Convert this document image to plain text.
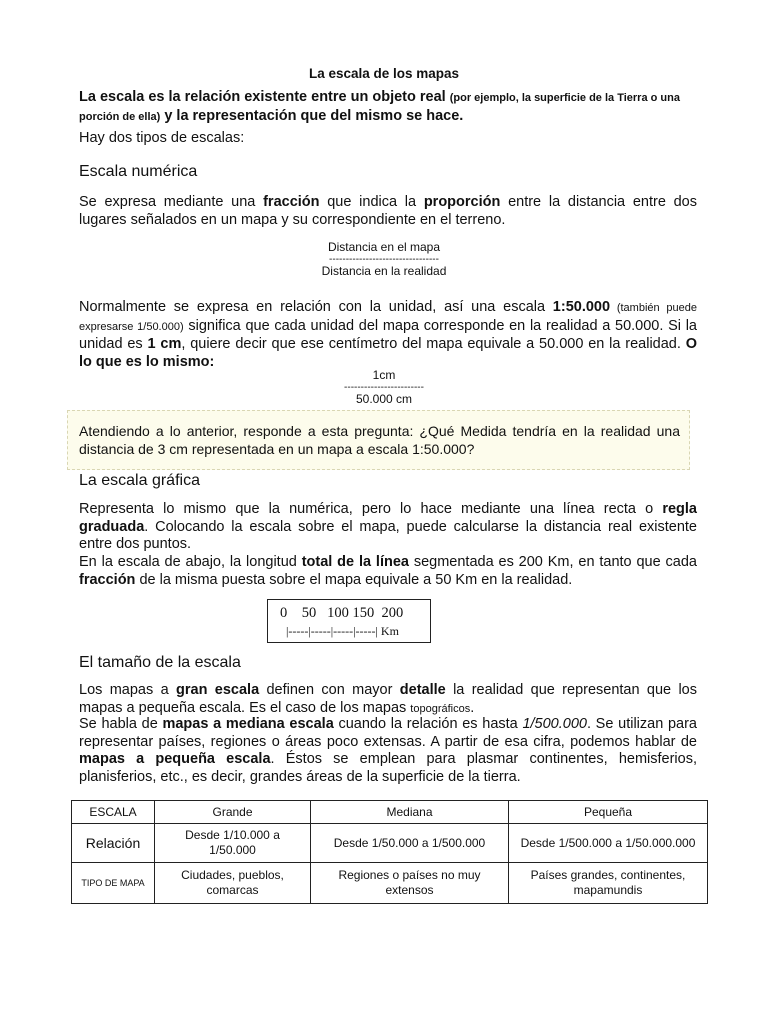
La escala de los mapas
La escala es la relación existente entre un objeto real (por ejemplo, la superficie de la Tierra o una porción de ella) y la representación que del mismo se hace.
Hay dos tipos de escalas:
Escala numérica
Se expresa mediante una fracción que indica la proporción entre la distancia entre dos lugares señalados en un mapa y su correspondiente en el terreno.
Distancia en el mapa
---------------------------------
Distancia en la realidad
Normalmente se expresa en relación con la unidad, así una escala 1:50.000 (también puede expresarse 1/50.000) significa que cada unidad del mapa corresponde en la realidad a 50.000. Si la unidad es 1 cm, quiere decir que ese centímetro del mapa equivale a 50.000 en la realidad. O lo que es lo mismo:
1cm
------------------------
50.000 cm
Atendiendo a lo anterior, responde a esta pregunta: ¿Qué Medida tendría en la realidad una distancia de 3 cm representada en un mapa a escala 1:50.000?
La escala gráfica
Representa lo mismo que la numérica, pero lo hace mediante una línea recta o regla graduada. Colocando la escala sobre el mapa, puede calcularse la distancia real existente entre dos puntos.
En la escala de abajo, la longitud total de la línea segmentada es 200 Km, en tanto que cada fracción de la misma puesta sobre el mapa equivale a 50 Km en la realidad.
0    50   100 150  200
|-----|-----|-----|-----| Km
El tamaño de la escala
Los mapas a gran escala definen con mayor detalle la realidad que representan que los mapas a pequeña escala. Es el caso de los mapas topográficos.
Se habla de mapas a mediana escala cuando la relación es hasta 1/500.000. Se utilizan para representar países, regiones o áreas poco extensas. A partir de esa cifra, podemos hablar de mapas a pequeña escala. Éstos se emplean para plasmar continentes, hemisferios, planisferios, etc., es decir, grandes áreas de la superficie de la tierra.
ESCALA	Grande	Mediana	Pequeña
Relación	Desde 1/10.000 a 1/50.000	Desde 1/50.000 a 1/500.000	Desde 1/500.000 a 1/50.000.000
TIPO DE MAPA	Ciudades, pueblos, comarcas	Regiones o países no muy extensos	Países grandes, continentes, mapamundis
